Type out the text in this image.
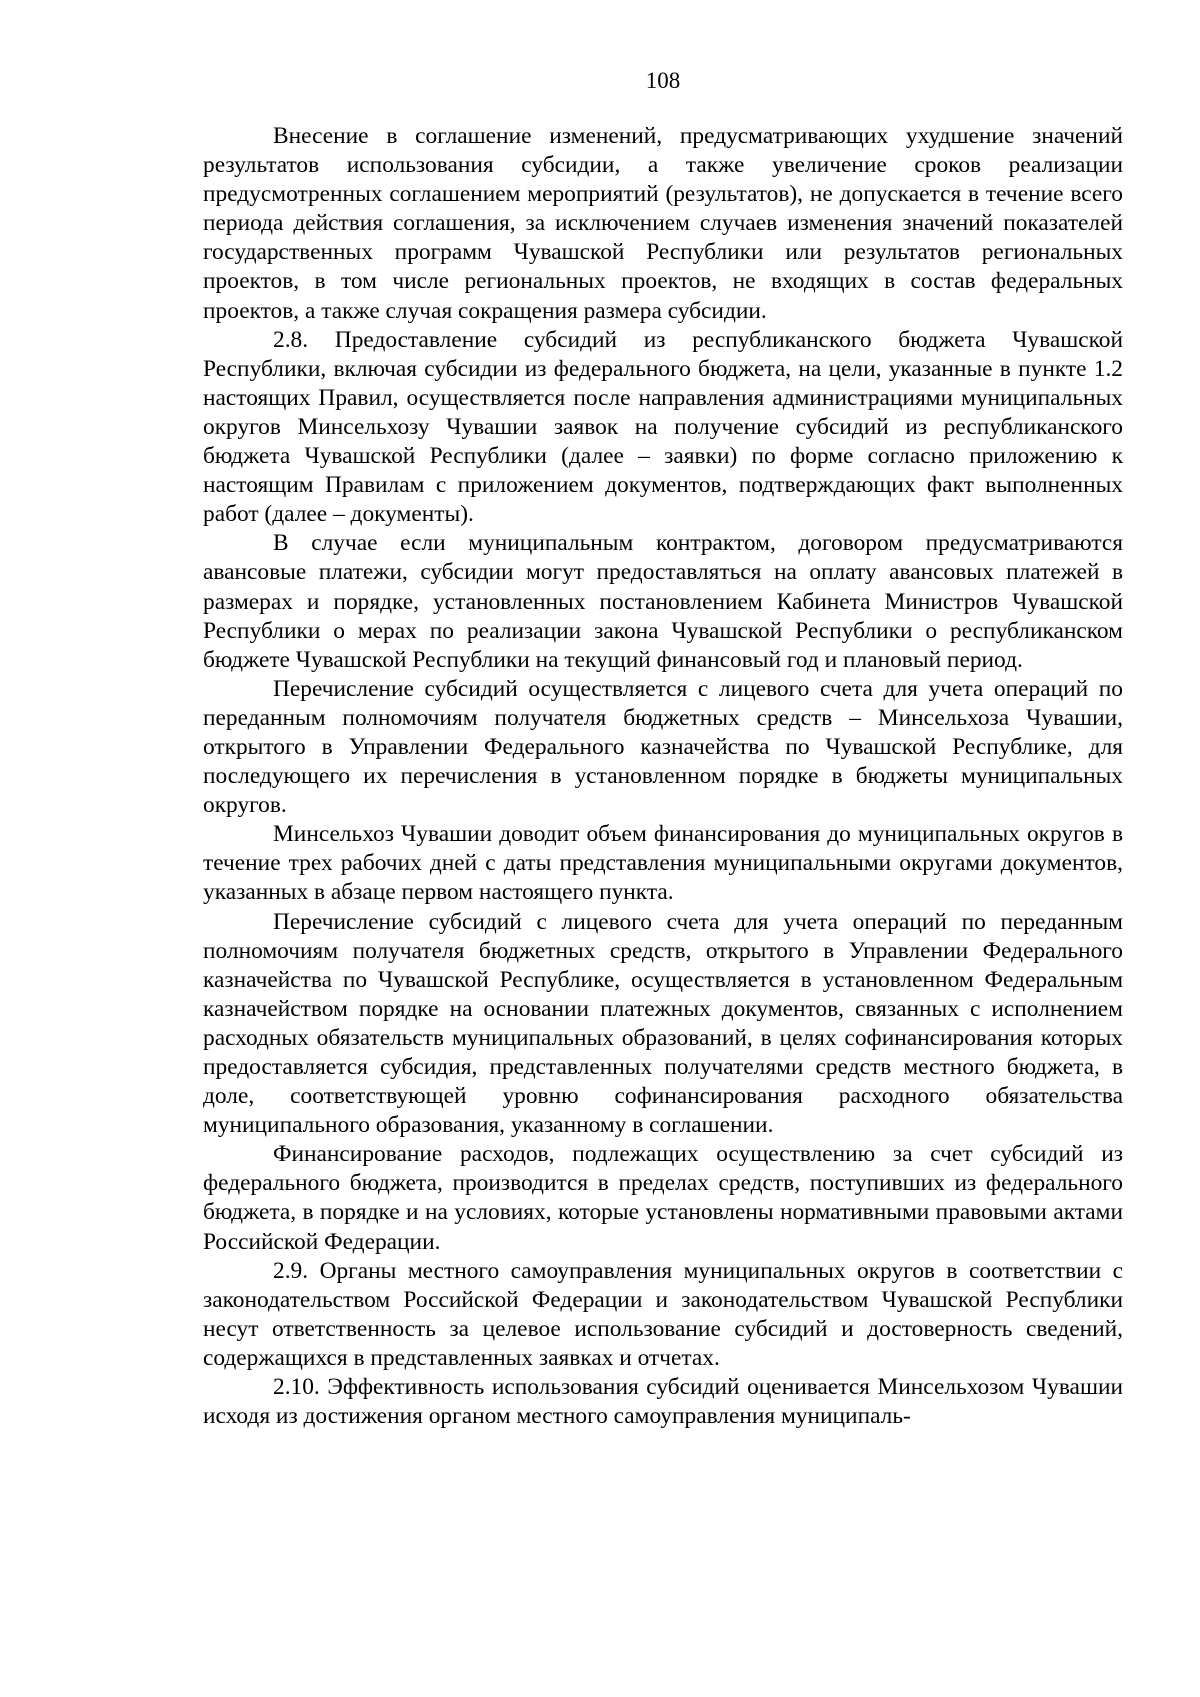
108

Внесение в соглашение изменений, предусматривающих ухудшение значений результатов использования субсидии, а также увеличение сроков реализации предусмотренных соглашением мероприятий (результатов), не допускается в течение всего периода действия соглашения, за исключением случаев изменения значений показателей государственных программ Чувашской Республики или результатов региональных проектов, в том числе региональных проектов, не входящих в состав федеральных проектов, а также случая сокращения размера субсидии.

2.8. Предоставление субсидий из республиканского бюджета Чувашской Республики, включая субсидии из федерального бюджета, на цели, указанные в пункте 1.2 настоящих Правил, осуществляется после направления администрациями муниципальных округов Минсельхозу Чувашии заявок на получение субсидий из республиканского бюджета Чувашской Республики (далее – заявки) по форме согласно приложению к настоящим Правилам с приложением документов, подтверждающих факт выполненных работ (далее – документы).

В случае если муниципальным контрактом, договором предусматриваются авансовые платежи, субсидии могут предоставляться на оплату авансовых платежей в размерах и порядке, установленных постановлением Кабинета Министров Чувашской Республики о мерах по реализации закона Чувашской Республики о республиканском бюджете Чувашской Республики на текущий финансовый год и плановый период.

Перечисление субсидий осуществляется с лицевого счета для учета операций по переданным полномочиям получателя бюджетных средств – Минсельхоза Чувашии, открытого в Управлении Федерального казначейства по Чувашской Республике, для последующего их перечисления в установленном порядке в бюджеты муниципальных округов.

Минсельхоз Чувашии доводит объем финансирования до муниципальных округов в течение трех рабочих дней с даты представления муниципальными округами документов, указанных в абзаце первом настоящего пункта.

Перечисление субсидий с лицевого счета для учета операций по переданным полномочиям получателя бюджетных средств, открытого в Управлении Федерального казначейства по Чувашской Республике, осуществляется в установленном Федеральным казначейством порядке на основании платежных документов, связанных с исполнением расходных обязательств муниципальных образований, в целях софинансирования которых предоставляется субсидия, представленных получателями средств местного бюджета, в доле, соответствующей уровню софинансирования расходного обязательства муниципального образования, указанному в соглашении.

Финансирование расходов, подлежащих осуществлению за счет субсидий из федерального бюджета, производится в пределах средств, поступивших из федерального бюджета, в порядке и на условиях, которые установлены нормативными правовыми актами Российской Федерации.

2.9. Органы местного самоуправления муниципальных округов в соответствии с законодательством Российской Федерации и законодательством Чувашской Республики несут ответственность за целевое использование субсидий и достоверность сведений, содержащихся в представленных заявках и отчетах.

2.10. Эффективность использования субсидий оценивается Минсельхозом Чувашии исходя из достижения органом местного самоуправления муниципаль-
